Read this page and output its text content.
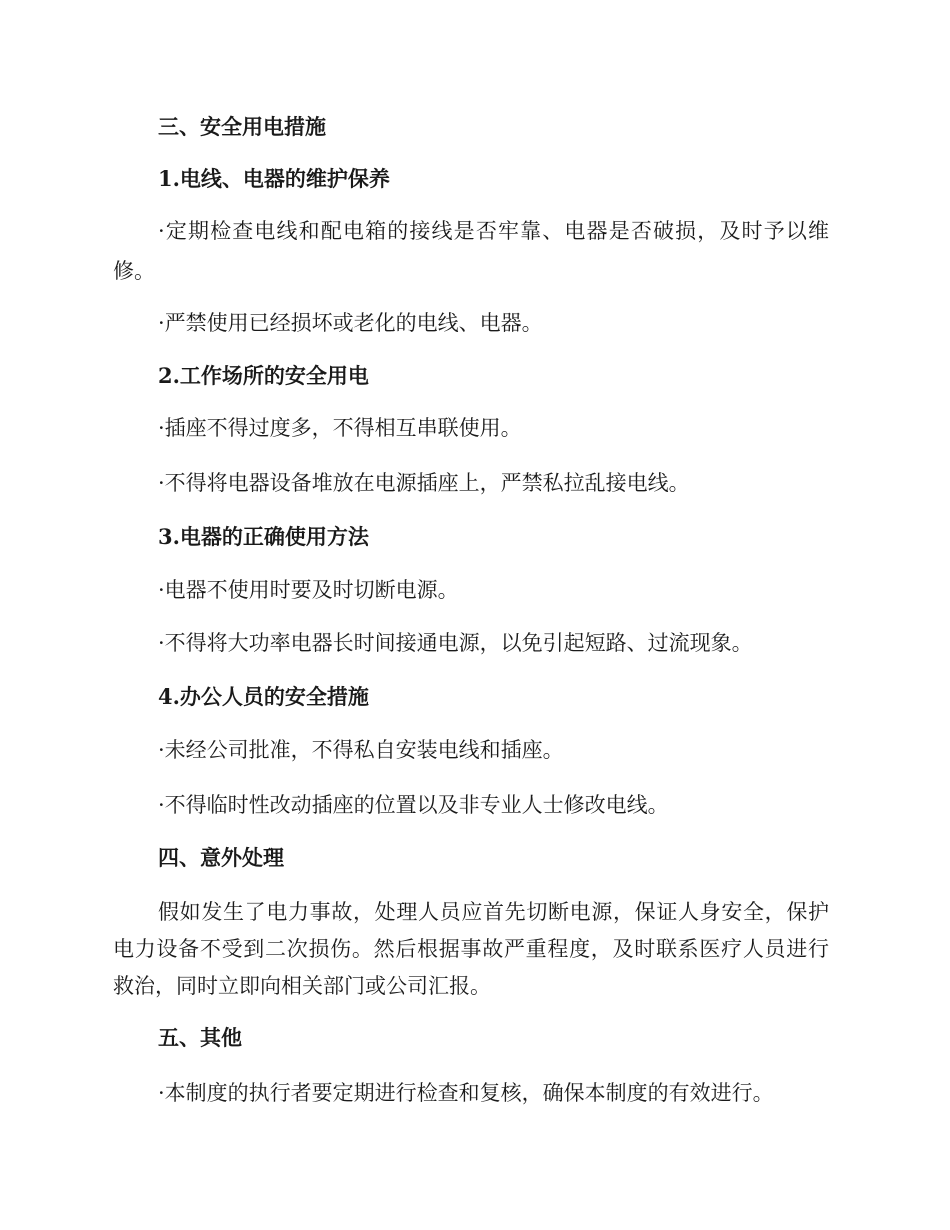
三、安全用电措施
1.电线、电器的维护保养
·定期检查电线和配电箱的接线是否牢靠、电器是否破损，及时予以维
修。
·严禁使用已经损坏或老化的电线、电器。
2.工作场所的安全用电
·插座不得过度多，不得相互串联使用。
·不得将电器设备堆放在电源插座上，严禁私拉乱接电线。
3.电器的正确使用方法
·电器不使用时要及时切断电源。
·不得将大功率电器长时间接通电源，以免引起短路、过流现象。
4.办公人员的安全措施
·未经公司批准，不得私自安装电线和插座。
·不得临时性改动插座的位置以及非专业人士修改电线。
四、意外处理
假如发生了电力事故，处理人员应首先切断电源，保证人身安全，保护
电力设备不受到二次损伤。然后根据事故严重程度，及时联系医疗人员进行
救治，同时立即向相关部门或公司汇报。
五、其他
·本制度的执行者要定期进行检查和复核，确保本制度的有效进行。
